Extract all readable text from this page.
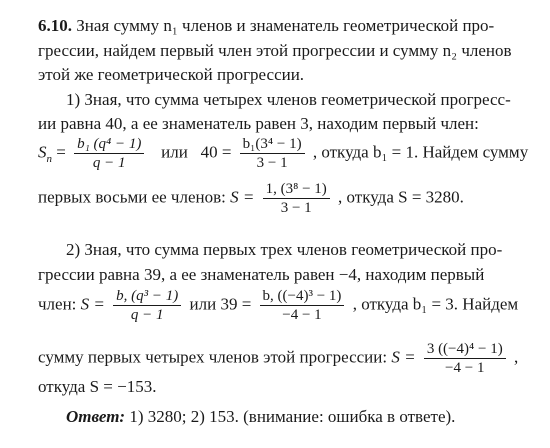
6.10. Зная сумму n₁ членов и знаменатель геометрической про-
грессии, найдем первый член этой прогрессии и сумму n₂ членов
этой же геометрической прогрессии.
1) Зная, что сумма четырех членов геометрической прогресс-
ии равна 40, а ее знаменатель равен 3, находим первый член:
$S_n = \frac{\text{b₁ (q⁴ − 1)}}{q - 1}$ или $40 = \frac{\text{b₁(3⁴ − 1)}}{3 - 1}$ , откуда b₁ = 1. Найдем сумму
первых восьми ее членов: $S = \frac{\text{1, (3⁸ − 1)}}{3 - 1}$ , откуда S = 3280.
2) Зная, что сумма первых трех членов геометрической про-
грессии равна 39, а ее знаменатель равен −4, находим первый
член: $S = \frac{\text{b, (q³ − 1)}}{q - 1}$ или $39 = \frac{\text{b, ((−4)³ − 1)}}{-4 - 1}$ , откуда b₁ = 3. Найдем
сумму первых четырех членов этой прогрессии: $S = \frac{\text{3 ((−4)⁴ − 1)}}{-4 - 1}$ ,
откуда S = −153.
Ответ: 1) 3280; 2) 153. (внимание: ошибка в ответе).
